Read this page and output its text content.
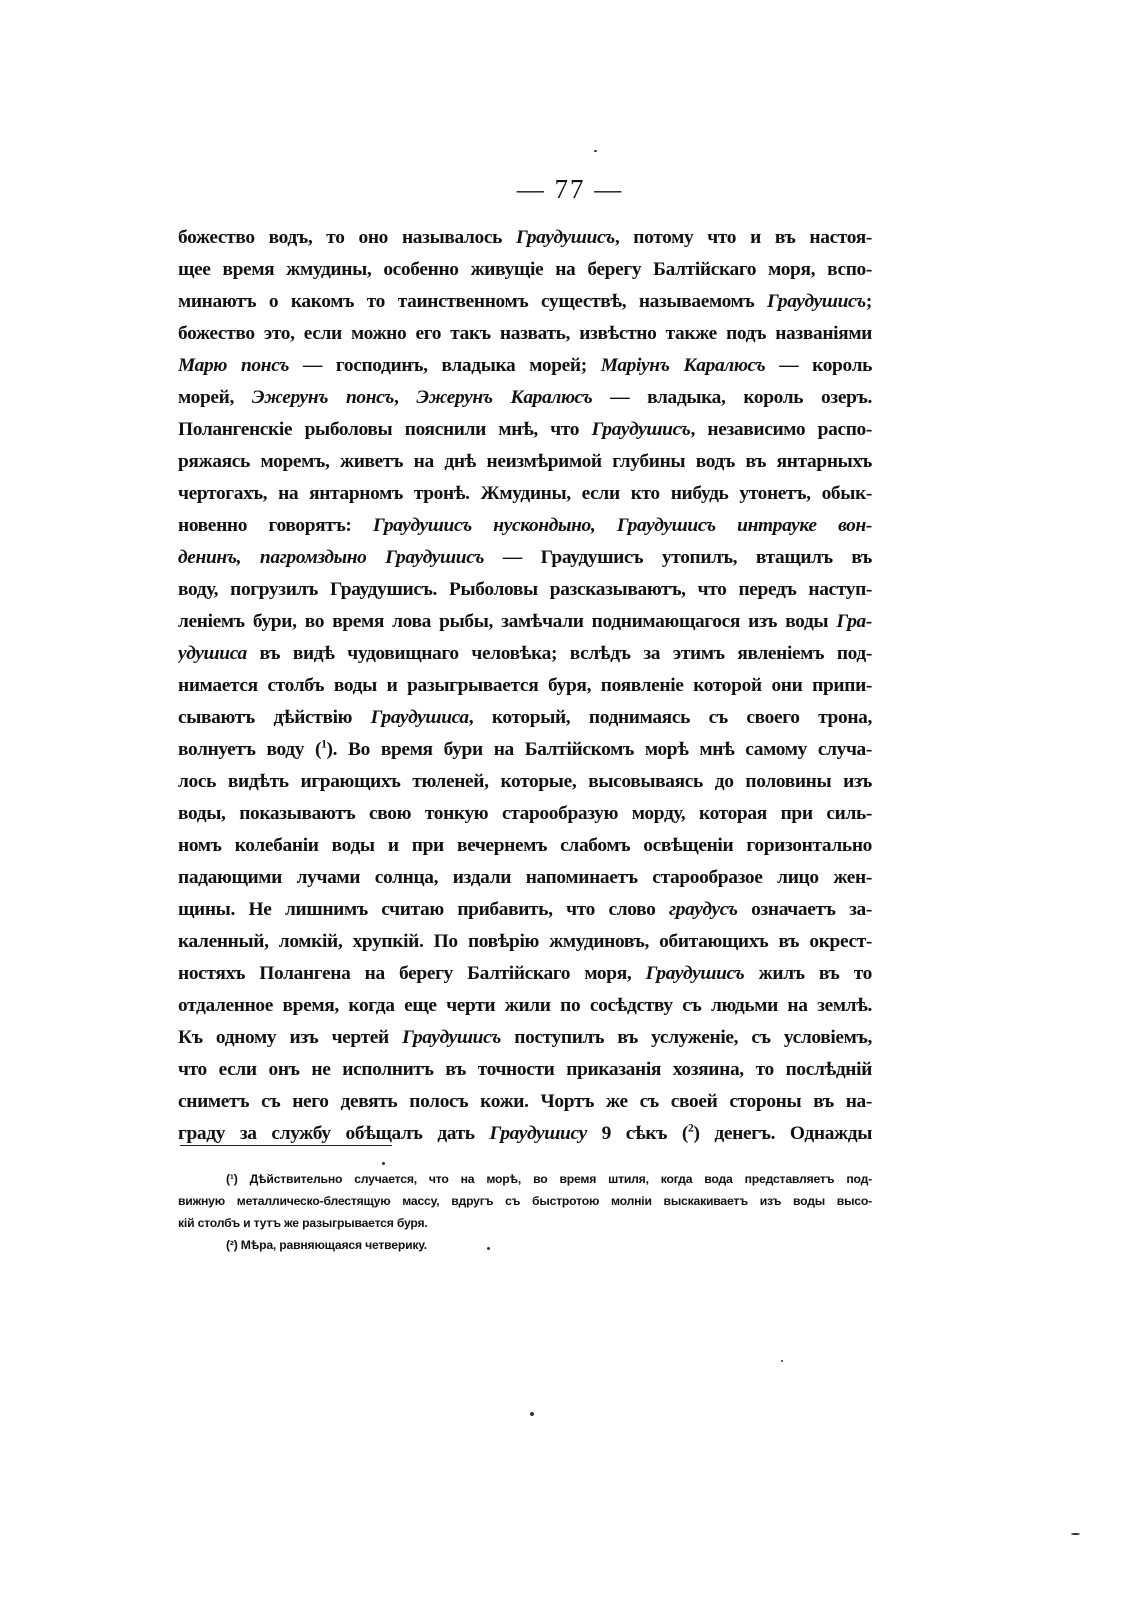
— 77 —
божество водъ, то оно называлось Граудушисъ, потому что и въ настоя-
щее время жмудины, особенно живущіе на берегу Балтійскаго моря, вспо-
минаютъ о какомъ то таинственномъ существѣ, называемомъ Граудушисъ;
божество это, если можно его такъ назвать, извѣстно также подъ названіями
Марю понсъ — господинъ, владыка морей; Маріунъ Каралюсъ — король
морей, Эжерунъ понсъ, Эжерунъ Каралюсъ — владыка, король озеръ.
Полангенскіе рыболовы пояснили мнѣ, что Граудушисъ, независимо распо-
ряжаясь моремъ, живетъ на днѣ неизмѣримой глубины водъ въ янтарныхъ
чертогахъ, на янтарномъ тронѣ. Жмудины, если кто нибудь утонетъ, обык-
новенно говорятъ: Граудушисъ нускондыно, Граудушисъ интрауке вон-
денинъ, пагромздыно Граудушисъ — Граудушисъ утопилъ, втащилъ въ
воду, погрузилъ Граудушисъ. Рыболовы разсказываютъ, что передъ наступ-
леніемъ бури, во время лова рыбы, замѣчали поднимающагося изъ воды Гра-
удушиса въ видѣ чудовищнаго человѣка; вслѣдъ за этимъ явленіемъ под-
нимается столбъ воды и разыгрывается буря, появленіе которой они припи-
сываютъ дѣйствію Граудушиса, который, поднимаясь съ своего трона,
волнуетъ воду ($^1$). Во время бури на Балтійскомъ морѣ мнѣ самому случа-
лось видѣть играющихъ тюленей, которые, высовываясь до половины изъ
воды, показываютъ свою тонкую старообразую морду, которая при силь-
номъ колебаніи воды и при вечернемъ слабомъ освѣщеніи горизонтально
падающими лучами солнца, издали напоминаетъ старообразое лицо жен-
щины. Не лишнимъ считаю прибавить, что слово граудусъ означаетъ за-
каленный, ломкій, хрупкій. По повѣрію жмудиновъ, обитающихъ въ окрест-
ностяхъ Полангена на берегу Балтійскаго моря, Граудушисъ жилъ въ то
отдаленное время, когда еще черти жили по сосѣдству съ людьми на землѣ.
Къ одному изъ чертей Граудушисъ поступилъ въ услуженіе, съ условіемъ,
что если онъ не исполнитъ въ точности приказанія хозяина, то послѣдній
сниметъ съ него девять полосъ кожи. Чортъ же съ своей стороны въ на-
граду за службу обѣщалъ дать Граудушису 9 сѣкъ ($^2$) денегъ. Однажды
(¹) Дѣйствительно случается, что на морѣ, во время штиля, когда вода представляетъ под-
вижную металлическо-блестящую массу, вдругъ съ быстротою молніи выскакиваетъ изъ воды высо-
кій столбъ и тутъ же разыгрывается буря.
(²) Мѣра, равняющаяся четверику.
